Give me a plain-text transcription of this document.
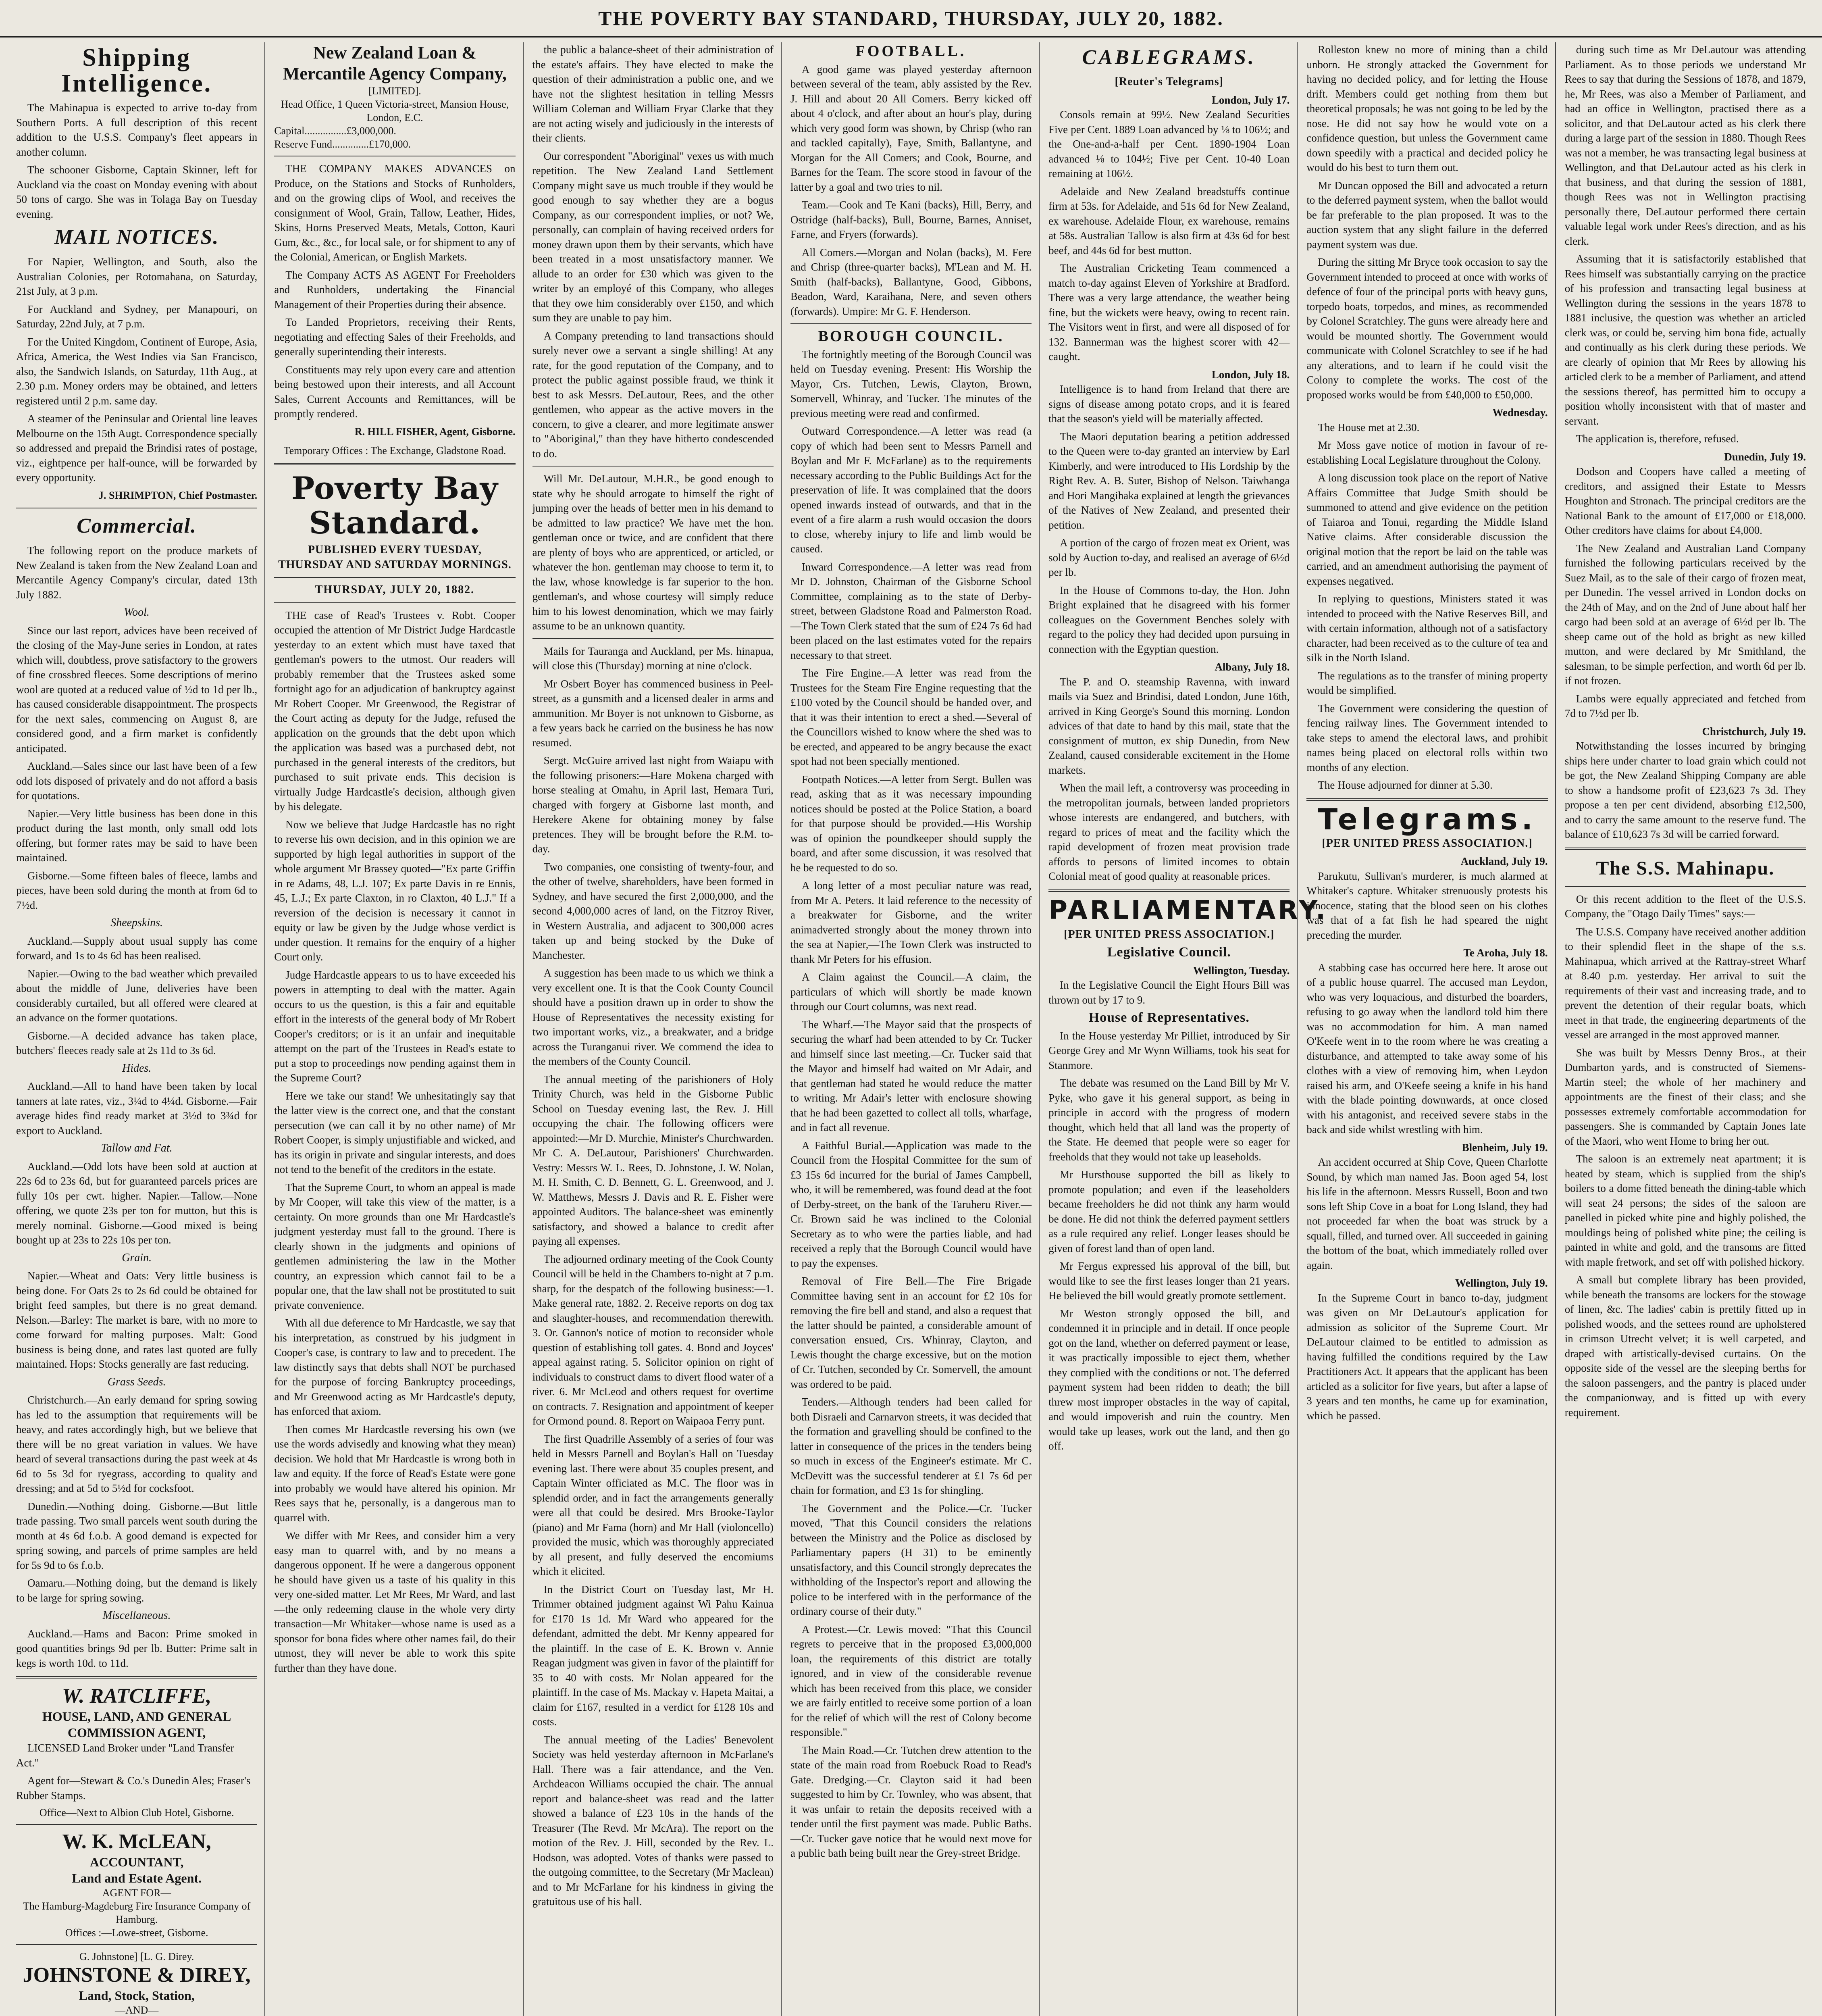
THE POVERTY BAY STANDARD, THURSDAY, JULY 20, 1882.
Shipping Intelligence.

The Mahinapua is expected to arrive to-day from Southern Ports. A full description of this recent addition to the U.S.S. Company's fleet appears in another column.

The schooner Gisborne, Captain Skinner, left for Auckland via the coast on Monday evening with about 50 tons of cargo. She was in Tolaga Bay on Tuesday evening.

MAIL NOTICES.

For Napier, Wellington, and South, also the Australian Colonies, per Rotomahana, on Saturday, 21st July, at 3 p.m.

For Auckland and Sydney, per Manapouri, on Saturday, 22nd July, at 7 p.m.

For the United Kingdom, Continent of Europe, Asia, Africa, America, the West Indies via San Francisco, also, the Sandwich Islands, on Saturday, 11th Aug., at 2.30 p.m. Money orders may be obtained, and letters registered until 2 p.m. same day.

A steamer of the Peninsular and Oriental line leaves Melbourne on the 15th Augt. Correspondence specially so addressed and prepaid the Brindisi rates of postage, viz., eightpence per half-ounce, will be forwarded by every opportunity.

J. SHRIMPTON, Chief Postmaster.
Commercial.

The following report on the produce markets of New Zealand is taken from the New Zealand Loan and Mercantile Agency Company's circular, dated 13th July 1882.

Wool.

Since our last report, advices have been received of the closing of the May-June series in London, at rates which will, doubtless, prove satisfactory to the growers of fine crossbred fleeces. Some descriptions of merino wool are quoted at a reduced value of ½d to 1d per lb., has caused considerable disappointment. The prospects for the next sales, commencing on August 8, are considered good, and a firm market is confidently anticipated.

Auckland.—Sales since our last have been of a few odd lots disposed of privately and do not afford a basis for quotations.

Napier.—Very little business has been done in this product during the last month, only small odd lots offering, but former rates may be said to have been maintained.

Gisborne.—Some fifteen bales of fleece, lambs and pieces, have been sold during the month at from 6d to 7½d.

Sheepskins.

Auckland.—Supply about usual supply has come forward, and 1s to 4s 6d has been realised.

Napier.—Owing to the bad weather which prevailed about the middle of June, deliveries have been considerably curtailed, but all offered were cleared at an advance on the former quotations.

Gisborne.—A decided advance has taken place, butchers' fleeces ready sale at 2s 11d to 3s 6d.

Hides.

Auckland.—All to hand have been taken by local tanners at late rates, viz., 3¼d to 4¼d. Gisborne.—Fair average hides find ready market at 3½d to 3¾d for export to Auckland.

Tallow and Fat.

Auckland.—Odd lots have been sold at auction at 22s 6d to 23s 6d, but for guaranteed parcels prices are fully 10s per cwt. higher. Napier.—Tallow.—None offering, we quote 23s per ton for mutton, but this is merely nominal. Gisborne.—Good mixed is being bought up at 23s to 22s 10s per ton.

Grain.

Napier.—Wheat and Oats: Very little business is being done. For Oats 2s to 2s 6d could be obtained for bright feed samples, but there is no great demand. Nelson.—Barley: The market is bare, with no more to come forward for malting purposes. Malt: Good business is being done, and rates last quoted are fully maintained. Hops: Stocks generally are fast reducing.

Grass Seeds.

Christchurch.—An early demand for spring sowing has led to the assumption that requirements will be heavy, and rates accordingly high, but we believe that there will be no great variation in values. We have heard of several transactions during the past week at 4s 6d to 5s 3d for ryegrass, according to quality and dressing; and at 5d to 5½d for cocksfoot.

Dunedin.—Nothing doing. Gisborne.—But little trade passing. Two small parcels went south during the month at 4s 6d f.o.b. A good demand is expected for spring sowing, and parcels of prime samples are held for 5s 9d to 6s f.o.b.

Oamaru.—Nothing doing, but the demand is likely to be large for spring sowing.

Miscellaneous.

Auckland.—Hams and Bacon: Prime smoked in good quantities brings 9d per lb. Butter: Prime salt in kegs is worth 10d. to 11d.

W. RATCLIFFE,
HOUSE, LAND, AND GENERAL COMMISSION AGENT,

LICENSED Land Broker under "Land Transfer Act."

Agent for—Stewart & Co.'s Dunedin Ales; Fraser's Rubber Stamps.

Office—Next to Albion Club Hotel, Gisborne.
W. K. McLEAN,
ACCOUNTANT,
Land and Estate Agent.
AGENT FOR—
The Hamburg-Magdeburg Fire Insurance Company of Hamburg.
Offices :—Lowe-street, Gisborne.
G. Johnstone] [L. G. Direy.
JOHNSTONE & DIREY,
Land, Stock, Station,
—AND—

New Zealand Loan & Mercantile Agency Company,
[LIMITED].
Head Office, 1 Queen Victoria-street, Mansion House, London, E.C.
Capital................£3,000,000.
Reserve Fund..............£170,000.

THE COMPANY MAKES ADVANCES on Produce, on the Stations and Stocks of Runholders, and on the growing clips of Wool, and receives the consignment of Wool, Grain, Tallow, Leather, Hides, Skins, Horns Preserved Meats, Metals, Cotton, Kauri Gum, &c., &c., for local sale, or for shipment to any of the Colonial, American, or English Markets.

The Company ACTS AS AGENT For Freeholders and Runholders, undertaking the Financial Management of their Properties during their absence.

To Landed Proprietors, receiving their Rents, negotiating and effecting Sales of their Freeholds, and generally superintending their interests.

Constituents may rely upon every care and attention being bestowed upon their interests, and all Account Sales, Current Accounts and Remittances, will be promptly rendered.

R. HILL FISHER, Agent, Gisborne.
Temporary Offices : The Exchange, Gladstone Road.
Poverty Bay Standard.
PUBLISHED EVERY TUESDAY, THURSDAY AND SATURDAY MORNINGS.
THURSDAY, JULY 20, 1882.

THE case of Read's Trustees v. Robt. Cooper occupied the attention of Mr District Judge Hardcastle yesterday to an extent which must have taxed that gentleman's powers to the utmost. Our readers will probably remember that the Trustees asked some fortnight ago for an adjudication of bankruptcy against Mr Robert Cooper. Mr Greenwood, the Registrar of the Court acting as deputy for the Judge, refused the application on the grounds that the debt upon which the application was based was a purchased debt, not purchased in the general interests of the creditors, but purchased to suit private ends. This decision is virtually Judge Hardcastle's decision, although given by his delegate.

Now we believe that Judge Hardcastle has no right to reverse his own decision, and in this opinion we are supported by high legal authorities in support of the whole argument Mr Brassey quoted—"Ex parte Griffin in re Adams, 48, L.J. 107; Ex parte Davis in re Ennis, 45, L.J.; Ex parte Claxton, in ro Claxton, 40 L.J." If a reversion of the decision is necessary it cannot in equity or law be given by the Judge whose verdict is under question. It remains for the enquiry of a higher Court only.

Judge Hardcastle appears to us to have exceeded his powers in attempting to deal with the matter. Again occurs to us the question, is this a fair and equitable effort in the interests of the general body of Mr Robert Cooper's creditors; or is it an unfair and inequitable attempt on the part of the Trustees in Read's estate to put a stop to proceedings now pending against them in the Supreme Court?

Here we take our stand! We unhesitatingly say that the latter view is the correct one, and that the constant persecution (we can call it by no other name) of Mr Robert Cooper, is simply unjustifiable and wicked, and has its origin in private and singular interests, and does not tend to the benefit of the creditors in the estate.

That the Supreme Court, to whom an appeal is made by Mr Cooper, will take this view of the matter, is a certainty. On more grounds than one Mr Hardcastle's judgment yesterday must fall to the ground. There is clearly shown in the judgments and opinions of gentlemen administering the law in the Mother country, an expression which cannot fail to be a popular one, that the law shall not be prostituted to suit private convenience.

With all due deference to Mr Hardcastle, we say that his interpretation, as construed by his judgment in Cooper's case, is contrary to law and to precedent. The law distinctly says that debts shall NOT be purchased for the purpose of forcing Bankruptcy proceedings, and Mr Greenwood acting as Mr Hardcastle's deputy, has enforced that axiom.

Then comes Mr Hardcastle reversing his own (we use the words advisedly and knowing what they mean) decision. We hold that Mr Hardcastle is wrong both in law and equity. If the force of Read's Estate were gone into probably we would have altered his opinion. Mr Rees says that he, personally, is a dangerous man to quarrel with.

We differ with Mr Rees, and consider him a very easy man to quarrel with, and by no means a dangerous opponent. If he were a dangerous opponent he should have given us a taste of his quality in this very one-sided matter. Let Mr Rees, Mr Ward, and last—the only redeeming clause in the whole very dirty transaction—Mr Whitaker—whose name is used as a sponsor for bona fides where other names fail, do their utmost, they will never be able to work this spite further than they have done.

the public a balance-sheet of their administration of the estate's affairs. They have elected to make the question of their administration a public one, and we have not the slightest hesitation in telling Messrs William Coleman and William Fryar Clarke that they are not acting wisely and judiciously in the interests of their clients.

Our correspondent "Aboriginal" vexes us with much repetition. The New Zealand Land Settlement Company might save us much trouble if they would be good enough to say whether they are a bogus Company, as our correspondent implies, or not? We, personally, can complain of having received orders for money drawn upon them by their servants, which have been treated in a most unsatisfactory manner. We allude to an order for £30 which was given to the writer by an employé of this Company, who alleges that they owe him considerably over £150, and which sum they are unable to pay him.

A Company pretending to land transactions should surely never owe a servant a single shilling! At any rate, for the good reputation of the Company, and to protect the public against possible fraud, we think it best to ask Messrs. DeLautour, Rees, and the other gentlemen, who appear as the active movers in the concern, to give a clearer, and more legitimate answer to "Aboriginal," than they have hitherto condescended to do.

Will Mr. DeLautour, M.H.R., be good enough to state why he should arrogate to himself the right of jumping over the heads of better men in his demand to be admitted to law practice? We have met the hon. gentleman once or twice, and are confident that there are plenty of boys who are apprenticed, or articled, or whatever the hon. gentleman may choose to term it, to the law, whose knowledge is far superior to the hon. gentleman's, and whose courtesy will simply reduce him to his lowest denomination, which we may fairly assume to be an unknown quantity.

Mails for Tauranga and Auckland, per Ms. hinapua, will close this (Thursday) morning at nine o'clock.

Mr Osbert Boyer has commenced business in Peel-street, as a gunsmith and a licensed dealer in arms and ammunition. Mr Boyer is not unknown to Gisborne, as a few years back he carried on the business he has now resumed.

Sergt. McGuire arrived last night from Waiapu with the following prisoners:—Hare Mokena charged with horse stealing at Omahu, in April last, Hemara Turi, charged with forgery at Gisborne last month, and Herekere Akene for obtaining money by false pretences. They will be brought before the R.M. to-day.

Two companies, one consisting of twenty-four, and the other of twelve, shareholders, have been formed in Sydney, and have secured the first 2,000,000, and the second 4,000,000 acres of land, on the Fitzroy River, in Western Australia, and adjacent to 300,000 acres taken up and being stocked by the Duke of Manchester.

A suggestion has been made to us which we think a very excellent one. It is that the Cook County Council should have a position drawn up in order to show the House of Representatives the necessity existing for two important works, viz., a breakwater, and a bridge across the Turanganui river. We commend the idea to the members of the County Council.

The annual meeting of the parishioners of Holy Trinity Church, was held in the Gisborne Public School on Tuesday evening last, the Rev. J. Hill occupying the chair. The following officers were appointed:—Mr D. Murchie, Minister's Churchwarden. Mr C. A. DeLautour, Parishioners' Churchwarden. Vestry: Messrs W. L. Rees, D. Johnstone, J. W. Nolan, M. H. Smith, C. D. Bennett, G. L. Greenwood, and J. W. Matthews, Messrs J. Davis and R. E. Fisher were appointed Auditors. The balance-sheet was eminently satisfactory, and showed a balance to credit after paying all expenses.

The adjourned ordinary meeting of the Cook County Council will be held in the Chambers to-night at 7 p.m. sharp, for the despatch of the following business:—1. Make general rate, 1882. 2. Receive reports on dog tax and slaughter-houses, and recommendation therewith. 3. Or. Gannon's notice of motion to reconsider whole question of establishing toll gates. 4. Bond and Joyces' appeal against rating. 5. Solicitor opinion on right of individuals to construct dams to divert flood water of a river. 6. Mr McLeod and others request for overtime on contracts. 7. Resignation and appointment of keeper for Ormond pound. 8. Report on Waipaoa Ferry punt.

The first Quadrille Assembly of a series of four was held in Messrs Parnell and Boylan's Hall on Tuesday evening last. There were about 35 couples present, and Captain Winter officiated as M.C. The floor was in splendid order, and in fact the arrangements generally were all that could be desired. Mrs Brooke-Taylor (piano) and Mr Fama (horn) and Mr Hall (violoncello) provided the music, which was thoroughly appreciated by all present, and fully deserved the encomiums which it elicited.

In the District Court on Tuesday last, Mr H. Trimmer obtained judgment against Wi Pahu Kainua for £170 1s 1d. Mr Ward who appeared for the defendant, admitted the debt. Mr Kenny appeared for the plaintiff. In the case of E. K. Brown v. Annie Reagan judgment was given in favor of the plaintiff for 35 to 40 with costs. Mr Nolan appeared for the plaintiff. In the case of Ms. Mackay v. Hapeta Maitai, a claim for £167, resulted in a verdict for £128 10s and costs.

The annual meeting of the Ladies' Benevolent Society was held yesterday afternoon in McFarlane's Hall. There was a fair attendance, and the Ven. Archdeacon Williams occupied the chair. The annual report and balance-sheet was read and the latter showed a balance of £23 10s in the hands of the Treasurer (The Revd. Mr McAra). The report on the motion of the Rev. J. Hill, seconded by the Rev. L. Hodson, was adopted. Votes of thanks were passed to the outgoing committee, to the Secretary (Mr Maclean) and to Mr McFarlane for his kindness in giving the gratuitous use of his hall.

FOOTBALL.

A good game was played yesterday afternoon between several of the team, ably assisted by the Rev. J. Hill and about 20 All Comers. Berry kicked off about 4 o'clock, and after about an hour's play, during which very good form was shown, by Chrisp (who ran and tackled capitally), Faye, Smith, Ballantyne, and Morgan for the All Comers; and Cook, Bourne, and Barnes for the Team. The score stood in favour of the latter by a goal and two tries to nil.

Team.—Cook and Te Kani (backs), Hill, Berry, and Ostridge (half-backs), Bull, Bourne, Barnes, Anniset, Farne, and Fryers (forwards).

All Comers.—Morgan and Nolan (backs), M. Fere and Chrisp (three-quarter backs), M'Lean and M. H. Smith (half-backs), Ballantyne, Good, Gibbons, Beadon, Ward, Karaihana, Nere, and seven others (forwards). Umpire: Mr G. F. Henderson.

BOROUGH COUNCIL.

The fortnightly meeting of the Borough Council was held on Tuesday evening. Present: His Worship the Mayor, Crs. Tutchen, Lewis, Clayton, Brown, Somervell, Whinray, and Tucker. The minutes of the previous meeting were read and confirmed.

Outward Correspondence.—A letter was read (a copy of which had been sent to Messrs Parnell and Boylan and Mr F. McFarlane) as to the requirements necessary according to the Public Buildings Act for the preservation of life. It was complained that the doors opened inwards instead of outwards, and that in the event of a fire alarm a rush would occasion the doors to close, whereby injury to life and limb would be caused.

Inward Correspondence.—A letter was read from Mr D. Johnston, Chairman of the Gisborne School Committee, complaining as to the state of Derby-street, between Gladstone Road and Palmerston Road.—The Town Clerk stated that the sum of £24 7s 6d had been placed on the last estimates voted for the repairs necessary to that street.

The Fire Engine.—A letter was read from the Trustees for the Steam Fire Engine requesting that the £100 voted by the Council should be handed over, and that it was their intention to erect a shed.—Several of the Councillors wished to know where the shed was to be erected, and appeared to be angry because the exact spot had not been specially mentioned.

Footpath Notices.—A letter from Sergt. Bullen was read, asking that as it was necessary impounding notices should be posted at the Police Station, a board for that purpose should be provided.—His Worship was of opinion the poundkeeper should supply the board, and after some discussion, it was resolved that he be requested to do so.

A long letter of a most peculiar nature was read, from Mr A. Peters. It laid reference to the necessity of a breakwater for Gisborne, and the writer animadverted strongly about the money thrown into the sea at Napier,—The Town Clerk was instructed to thank Mr Peters for his effusion.

A Claim against the Council.—A claim, the particulars of which will shortly be made known through our Court columns, was next read.

The Wharf.—The Mayor said that the prospects of securing the wharf had been attended to by Cr. Tucker and himself since last meeting.—Cr. Tucker said that the Mayor and himself had waited on Mr Adair, and that gentleman had stated he would reduce the matter to writing. Mr Adair's letter with enclosure showing that he had been gazetted to collect all tolls, wharfage, and in fact all revenue.

A Faithful Burial.—Application was made to the Council from the Hospital Committee for the sum of £3 15s 6d incurred for the burial of James Campbell, who, it will be remembered, was found dead at the foot of Derby-street, on the bank of the Taruheru River.—Cr. Brown said he was inclined to the Colonial Secretary as to who were the parties liable, and had received a reply that the Borough Council would have to pay the expenses.

Removal of Fire Bell.—The Fire Brigade Committee having sent in an account for £2 10s for removing the fire bell and stand, and also a request that the latter should be painted, a considerable amount of conversation ensued, Crs. Whinray, Clayton, and Lewis thought the charge excessive, but on the motion of Cr. Tutchen, seconded by Cr. Somervell, the amount was ordered to be paid.

Tenders.—Although tenders had been called for both Disraeli and Carnarvon streets, it was decided that the formation and gravelling should be confined to the latter in consequence of the prices in the tenders being so much in excess of the Engineer's estimate. Mr C. McDevitt was the successful tenderer at £1 7s 6d per chain for formation, and £3 1s for shingling.

The Government and the Police.—Cr. Tucker moved, "That this Council considers the relations between the Ministry and the Police as disclosed by Parliamentary papers (H 31) to be eminently unsatisfactory, and this Council strongly deprecates the withholding of the Inspector's report and allowing the police to be interfered with in the performance of the ordinary course of their duty."

A Protest.—Cr. Lewis moved: "That this Council regrets to perceive that in the proposed £3,000,000 loan, the requirements of this district are totally ignored, and in view of the considerable revenue which has been received from this place, we consider we are fairly entitled to receive some portion of a loan for the relief of which will the rest of Colony become responsible."

The Main Road.—Cr. Tutchen drew attention to the state of the main road from Roebuck Road to Read's Gate. Dredging.—Cr. Clayton said it had been suggested to him by Cr. Townley, who was absent, that it was unfair to retain the deposits received with a tender until the first payment was made. Public Baths.—Cr. Tucker gave notice that he would next move for a public bath being built near the Grey-street Bridge.

CABLEGRAMS.
[Reuter's Telegrams]
London, July 17.

Consols remain at 99½. New Zealand Securities Five per Cent. 1889 Loan advanced by ⅛ to 106½; and the One-and-a-half per Cent. 1890-1904 Loan advanced ⅛ to 104½; Five per Cent. 10-40 Loan remaining at 106½.

Adelaide and New Zealand breadstuffs continue firm at 53s. for Adelaide, and 51s 6d for New Zealand, ex warehouse. Adelaide Flour, ex warehouse, remains at 58s. Australian Tallow is also firm at 43s 6d for best beef, and 44s 6d for best mutton.

The Australian Cricketing Team commenced a match to-day against Eleven of Yorkshire at Bradford. There was a very large attendance, the weather being fine, but the wickets were heavy, owing to recent rain. The Visitors went in first, and were all disposed of for 132. Bannerman was the highest scorer with 42—caught.

London, July 18.

Intelligence is to hand from Ireland that there are signs of disease among potato crops, and it is feared that the season's yield will be materially affected.

The Maori deputation bearing a petition addressed to the Queen were to-day granted an interview by Earl Kimberly, and were introduced to His Lordship by the Right Rev. A. B. Suter, Bishop of Nelson. Taiwhanga and Hori Mangihaka explained at length the grievances of the Natives of New Zealand, and presented their petition.

A portion of the cargo of frozen meat ex Orient, was sold by Auction to-day, and realised an average of 6½d per lb.

In the House of Commons to-day, the Hon. John Bright explained that he disagreed with his former colleagues on the Government Benches solely with regard to the policy they had decided upon pursuing in connection with the Egyptian question.

Albany, July 18.

The P. and O. steamship Ravenna, with inward mails via Suez and Brindisi, dated London, June 16th, arrived in King George's Sound this morning. London advices of that date to hand by this mail, state that the consignment of mutton, ex ship Dunedin, from New Zealand, caused considerable excitement in the Home markets.

When the mail left, a controversy was proceeding in the metropolitan journals, between landed proprietors whose interests are endangered, and butchers, with regard to prices of meat and the facility which the rapid development of frozen meat provision trade affords to persons of limited incomes to obtain Colonial meat of good quality at reasonable prices.

PARLIAMENTARY.
[PER UNITED PRESS ASSOCIATION.]
Legislative Council.
Wellington, Tuesday.

In the Legislative Council the Eight Hours Bill was thrown out by 17 to 9.

House of Representatives.

In the House yesterday Mr Pilliet, introduced by Sir George Grey and Mr Wynn Williams, took his seat for Stanmore.

The debate was resumed on the Land Bill by Mr V. Pyke, who gave it his general support, as being in principle in accord with the progress of modern thought, which held that all land was the property of the State. He deemed that people were so eager for freeholds that they would not take up leaseholds.

Mr Hursthouse supported the bill as likely to promote population; and even if the leaseholders became freeholders he did not think any harm would be done. He did not think the deferred payment settlers as a rule required any relief. Longer leases should be given of forest land than of open land.

Mr Fergus expressed his approval of the bill, but would like to see the first leases longer than 21 years. He believed the bill would greatly promote settlement.

Mr Weston strongly opposed the bill, and condemned it in principle and in detail. If once people got on the land, whether on deferred payment or lease, it was practically impossible to eject them, whether they complied with the conditions or not. The deferred payment system had been ridden to death; the bill threw most improper obstacles in the way of capital, and would impoverish and ruin the country. Men would take up leases, work out the land, and then go off.

Rolleston knew no more of mining than a child unborn. He strongly attacked the Government for having no decided policy, and for letting the House drift. Members could get nothing from them but theoretical proposals; he was not going to be led by the nose. He did not say how he would vote on a confidence question, but unless the Government came down speedily with a practical and decided policy he would do his best to turn them out.

Mr Duncan opposed the Bill and advocated a return to the deferred payment system, when the ballot would be far preferable to the plan proposed. It was to the auction system that any slight failure in the deferred payment system was due.

During the sitting Mr Bryce took occasion to say the Government intended to proceed at once with works of defence of four of the principal ports with heavy guns, torpedo boats, torpedos, and mines, as recommended by Colonel Scratchley. The guns were already here and would be mounted shortly. The Government would communicate with Colonel Scratchley to see if he had any alterations, and to learn if he could visit the Colony to complete the works. The cost of the proposed works would be from £40,000 to £50,000.

Wednesday.

The House met at 2.30.

Mr Moss gave notice of motion in favour of re-establishing Local Legislature throughout the Colony.

A long discussion took place on the report of Native Affairs Committee that Judge Smith should be summoned to attend and give evidence on the petition of Taiaroa and Tonui, regarding the Middle Island Native claims. After considerable discussion the original motion that the report be laid on the table was carried, and an amendment authorising the payment of expenses negatived.

In replying to questions, Ministers stated it was intended to proceed with the Native Reserves Bill, and with certain information, although not of a satisfactory character, had been received as to the culture of tea and silk in the North Island.

The regulations as to the transfer of mining property would be simplified.

The Government were considering the question of fencing railway lines. The Government intended to take steps to amend the electoral laws, and prohibit names being placed on electoral rolls within two months of any election.

The House adjourned for dinner at 5.30.

Telegrams.
[PER UNITED PRESS ASSOCIATION.]
Auckland, July 19.

Parukutu, Sullivan's murderer, is much alarmed at Whitaker's capture. Whitaker strenuously protests his innocence, stating that the blood seen on his clothes was that of a fat fish he had speared the night preceding the murder.

Te Aroha, July 18.

A stabbing case has occurred here here. It arose out of a public house quarrel. The accused man Leydon, who was very loquacious, and disturbed the boarders, refusing to go away when the landlord told him there was no accommodation for him. A man named O'Keefe went in to the room where he was creating a disturbance, and attempted to take away some of his clothes with a view of removing him, when Leydon raised his arm, and O'Keefe seeing a knife in his hand with the blade pointing downwards, at once closed with his antagonist, and received severe stabs in the back and side whilst wrestling with him.

Blenheim, July 19.

An accident occurred at Ship Cove, Queen Charlotte Sound, by which man named Jas. Boon aged 54, lost his life in the afternoon. Messrs Russell, Boon and two sons left Ship Cove in a boat for Long Island, they had not proceeded far when the boat was struck by a squall, filled, and turned over. All succeeded in gaining the bottom of the boat, which immediately rolled over again.

Wellington, July 19.

In the Supreme Court in banco to-day, judgment was given on Mr DeLautour's application for admission as solicitor of the Supreme Court. Mr DeLautour claimed to be entitled to admission as having fulfilled the conditions required by the Law Practitioners Act. It appears that the applicant has been articled as a solicitor for five years, but after a lapse of 3 years and ten months, he came up for examination, which he passed.

during such time as Mr DeLautour was attending Parliament. As to those periods we understand Mr Rees to say that during the Sessions of 1878, and 1879, he, Mr Rees, was also a Member of Parliament, and had an office in Wellington, practised there as a solicitor, and that DeLautour acted as his clerk there during a large part of the session in 1880. Though Rees was not a member, he was transacting legal business at Wellington, and that DeLautour acted as his clerk in that business, and that during the session of 1881, though Rees was not in Wellington practising personally there, DeLautour performed there certain valuable legal work under Rees's direction, and as his clerk.

Assuming that it is satisfactorily established that Rees himself was substantially carrying on the practice of his profession and transacting legal business at Wellington during the sessions in the years 1878 to 1881 inclusive, the question was whether an articled clerk was, or could be, serving him bona fide, actually and continually as his clerk during these periods. We are clearly of opinion that Mr Rees by allowing his articled clerk to be a member of Parliament, and attend the sessions thereof, has permitted him to occupy a position wholly inconsistent with that of master and servant.

The application is, therefore, refused.

Dunedin, July 19.

Dodson and Coopers have called a meeting of creditors, and assigned their Estate to Messrs Houghton and Stronach. The principal creditors are the National Bank to the amount of £17,000 or £18,000. Other creditors have claims for about £4,000.

The New Zealand and Australian Land Company furnished the following particulars received by the Suez Mail, as to the sale of their cargo of frozen meat, per Dunedin. The vessel arrived in London docks on the 24th of May, and on the 2nd of June about half her cargo had been sold at an average of 6½d per lb. The sheep came out of the hold as bright as new killed mutton, and were declared by Mr Smithland, the salesman, to be simple perfection, and worth 6d per lb. if not frozen.

Lambs were equally appreciated and fetched from 7d to 7½d per lb.

Christchurch, July 19.

Notwithstanding the losses incurred by bringing ships here under charter to load grain which could not be got, the New Zealand Shipping Company are able to show a handsome profit of £23,623 7s 3d. They propose a ten per cent dividend, absorbing £12,500, and to carry the same amount to the reserve fund. The balance of £10,623 7s 3d will be carried forward.

The S.S. Mahinapu.

Or this recent addition to the fleet of the U.S.S. Company, the "Otago Daily Times" says:—

The U.S.S. Company have received another addition to their splendid fleet in the shape of the s.s. Mahinapua, which arrived at the Rattray-street Wharf at 8.40 p.m. yesterday. Her arrival to suit the requirements of their vast and increasing trade, and to prevent the detention of their regular boats, which meet in that trade, the engineering departments of the vessel are arranged in the most approved manner.

She was built by Messrs Denny Bros., at their Dumbarton yards, and is constructed of Siemens-Martin steel; the whole of her machinery and appointments are the finest of their class; and she possesses extremely comfortable accommodation for passengers. She is commanded by Captain Jones late of the Maori, who went Home to bring her out.

The saloon is an extremely neat apartment; it is heated by steam, which is supplied from the ship's boilers to a dome fitted beneath the dining-table which will seat 24 persons; the sides of the saloon are panelled in picked white pine and highly polished, the mouldings being of polished white pine; the ceiling is painted in white and gold, and the transoms are fitted with maple fretwork, and set off with polished hickory.

A small but complete library has been provided, while beneath the transoms are lockers for the stowage of linen, &c. The ladies' cabin is prettily fitted up in polished woods, and the settees round are upholstered in crimson Utrecht velvet; it is well carpeted, and draped with artistically-devised curtains. On the opposite side of the vessel are the sleeping berths for the saloon passengers, and the pantry is placed under the companionway, and is fitted up with every requirement.
